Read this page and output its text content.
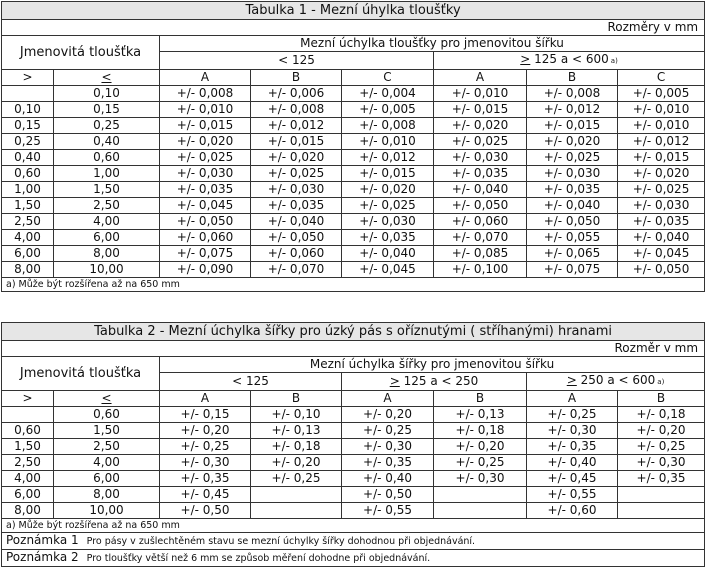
Tabulka 1 - Mezní úhylka tloušťky							
Rozměry v mm							
Jmenovitá tloušťka		Mezní úchylka tloušťky pro jmenovitou šířku					
		< 125			≥ 125 a < 600 a)		
>	<	A	B	C	A	B	C
	0,10	+/- 0,008	+/- 0,006	+/- 0,004	+/- 0,010	+/- 0,008	+/- 0,005
0,10	0,15	+/- 0,010	+/- 0,008	+/- 0,005	+/- 0,015	+/- 0,012	+/- 0,010
0,15	0,25	+/- 0,015	+/- 0,012	+/- 0,008	+/- 0,020	+/- 0,015	+/- 0,010
0,25	0,40	+/- 0,020	+/- 0,015	+/- 0,010	+/- 0,025	+/- 0,020	+/- 0,012
0,40	0,60	+/- 0,025	+/- 0,020	+/- 0,012	+/- 0,030	+/- 0,025	+/- 0,015
0,60	1,00	+/- 0,030	+/- 0,025	+/- 0,015	+/- 0,035	+/- 0,030	+/- 0,020
1,00	1,50	+/- 0,035	+/- 0,030	+/- 0,020	+/- 0,040	+/- 0,035	+/- 0,025
1,50	2,50	+/- 0,045	+/- 0,035	+/- 0,025	+/- 0,050	+/- 0,040	+/- 0,030
2,50	4,00	+/- 0,050	+/- 0,040	+/- 0,030	+/- 0,060	+/- 0,050	+/- 0,035
4,00	6,00	+/- 0,060	+/- 0,050	+/- 0,035	+/- 0,070	+/- 0,055	+/- 0,040
6,00	8,00	+/- 0,075	+/- 0,060	+/- 0,040	+/- 0,085	+/- 0,065	+/- 0,045
8,00	10,00	+/- 0,090	+/- 0,070	+/- 0,045	+/- 0,100	+/- 0,075	+/- 0,050
a) Může být rozšířena až na 650 mm							
Tabulka 2 - Mezní úchylka šířky pro úzký pás s oříznutými ( stříhanými) hranami							
Rozměr v mm							
Jmenovitá tloušťka		Mezní úchylka šířky pro jmenovitou šířku					
		< 125		≥ 125 a < 250		≥ 250 a < 600 a)	
>	<	A	B	A	B	A	B
	0,60	+/- 0,15	+/- 0,10	+/- 0,20	+/- 0,13	+/- 0,25	+/- 0,18
0,60	1,50	+/- 0,20	+/- 0,13	+/- 0,25	+/- 0,18	+/- 0,30	+/- 0,20
1,50	2,50	+/- 0,25	+/- 0,18	+/- 0,30	+/- 0,20	+/- 0,35	+/- 0,25
2,50	4,00	+/- 0,30	+/- 0,20	+/- 0,35	+/- 0,25	+/- 0,40	+/- 0,30
4,00	6,00	+/- 0,35	+/- 0,25	+/- 0,40	+/- 0,30	+/- 0,45	+/- 0,35
6,00	8,00	+/- 0,45		+/- 0,50		+/- 0,55	
8,00	10,00	+/- 0,50		+/- 0,55		+/- 0,60	
a) Může být rozšířena až na 650 mm							
Poznámka 1 Pro pásy v zušlechtěném stavu se mezní úchylky šířky dohodnou při objednávání.							
Poznámka 2 Pro tloušťky větší než 6 mm se způsob měření dohodne při objednávání.							
